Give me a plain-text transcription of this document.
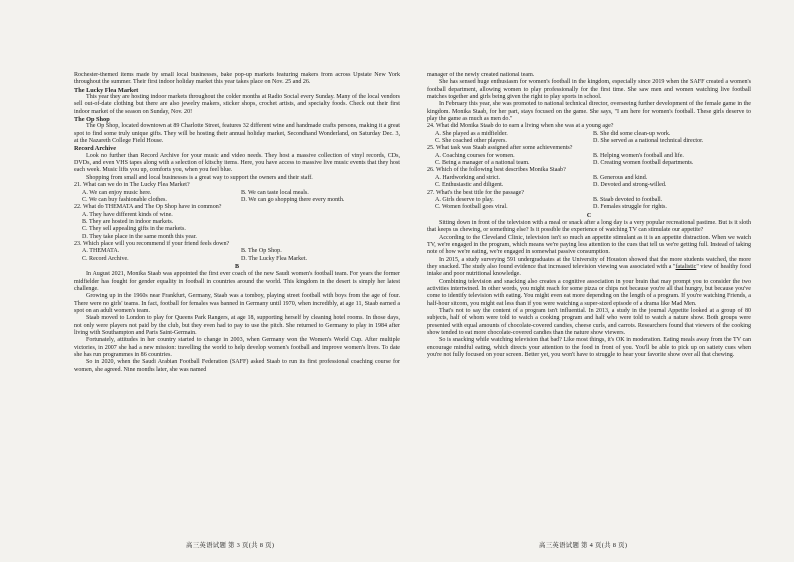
Rochester-themed items made by small local businesses, bake pop-up markets featuring makers from across Upstate New York throughout the summer. Their first indoor holiday market this year takes place on Nov. 25 and 26.

The Lucky Flea Market

This year they are hosting indoor markets throughout the colder months at Radio Social every Sunday. Many of the local vendors sell out-of-date clothing but there are also jewelry makers, sticker shops, crochet artists, and specialty foods. Check out their first indoor market of the season on Sunday, Nov. 20!

The Op Shop

The Op Shop, located downtown at 89 Charlotte Street, features 32 different wine and handmade crafts persons, making it a great spot to find some truly unique gifts. They will be hosting their annual holiday market, Secondhand Wonderland, on Saturday Dec. 3, at the Nazareth College Field House.

Record Archive

Look no further than Record Archive for your music and video needs. They host a massive collection of vinyl records, CDs, DVDs, and even VHS tapes along with a selection of kitschy items. Here, you have access to massive live music events that they host each week. Music lifts you up, comforts you, when you feel blue.

Shopping from small and local businesses is a great way to support the owners and their staff.

21. What can we do in The Lucky Flea Market?

A. We can enjoy music here.	B. We can taste local meals.
C. We can buy fashionable clothes.	D. We can go shopping there every month.

22. What do THEMATA and The Op Shop have in common?

A. They have different kinds of wine.
B. They are hosted in indoor markets.
C. They sell appealing gifts in the markets.
D. They take place in the same month this year.

23. Which place will you recommend if your friend feels down?

A. THEMATA.	B. The Op Shop.
C. Record Archive.	D. The Lucky Flea Market.
B

In August 2021, Monika Staab was appointed the first ever coach of the new Saudi women's football team. For years the former midfielder has fought for gender equality in football in countries around the world. This kingdom in the desert is simply her latest challenge.

Growing up in the 1960s near Frankfurt, Germany, Staab was a tomboy, playing street football with boys from the age of four. There were no girls' teams. In fact, football for females was banned in Germany until 1970, when incredibly, at age 11, Staab earned a spot on an adult women's team.

Staab moved to London to play for Queens Park Rangers, at age 18, supporting herself by cleaning hotel rooms. In those days, not only were players not paid by the club, but they even had to pay to use the pitch. She returned to Germany to play in 1984 after living with Southampton and Paris Saint-Germain.

Fortunately, attitudes in her country started to change in 2003, when Germany won the Women's World Cup. After multiple victories, in 2007 she had a new mission: travelling the world to help develop women's football and improve women's lives. To date she has run programmes in 86 countries.

So in 2020, when the Saudi Arabian Football Federation (SAFF) asked Staab to run its first professional coaching course for women, she agreed. Nine months later, she was named

manager of the newly created national team.

She has sensed huge enthusiasm for women's football in the kingdom, especially since 2019 when the SAFF created a women's football department, allowing women to play professionally for the first time. She saw men and women watching live football matches together and girls being given the right to play sports in school.

In February this year, she was promoted to national technical director, overseeing further development of the female game in the kingdom. Monika Staab, for her part, stays focused on the game. She says, "I am here for women's football. These girls deserve to play the game as much as men do."

24. What did Monika Staab do to earn a living when she was at a young age?

A. She played as a midfielder.	B. She did some clean-up work.
C. She coached other players.	D. She served as a national technical director.

25. What task was Staab assigned after some achievements?

A. Coaching courses for women.	B. Helping women's football and life.
C. Being a manager of a national team.	D. Creating women football departments.

26. Which of the following best describes Monika Staab?

A. Hardworking and strict.	B. Generous and kind.
C. Enthusiastic and diligent.	D. Devoted and strong-willed.

27. What's the best title for the passage?

A. Girls deserve to play.	B. Staab devoted to football.
C. Women football goes viral.	D. Females struggle for rights.
C

Sitting down in front of the television with a meal or snack after a long day is a very popular recreational pastime. But is it sloth that keeps us chewing, or something else? Is it possible the experience of watching TV can stimulate our appetite?

According to the Cleveland Clinic, television isn't so much an appetite stimulant as it is an appetite distraction. When we watch TV, we're engaged in the program, which means we're paying less attention to the cues that tell us we're getting full. Instead of taking note of how we're eating, we're engaged in somewhat passive consumption.

In 2015, a study surveying 591 undergraduates at the University of Houston showed that the more students watched, the more they snacked. The study also found evidence that increased television viewing was associated with a "fatalistic" view of healthy food intake and poor nutritional knowledge.

Combining television and snacking also creates a cognitive association in your brain that may prompt you to consider the two activities intertwined. In other words, you might reach for some pizza or chips not because you're all that hungry, but because you've come to identify television with eating. You might even eat more depending on the length of a program. If you're watching Friends, a half-hour sitcom, you might eat less than if you were watching a super-sized episode of a drama like Mad Men.

That's not to say the content of a program isn't influential. In 2013, a study in the journal Appetite looked at a group of 80 subjects, half of whom were told to watch a cooking program and half who were told to watch a nature show. Both groups were presented with equal amounts of chocolate-covered candies, cheese curls, and carrots. Researchers found that viewers of the cooking show tended to eat more chocolate-covered candies than the nature show viewers.

So is snacking while watching television that bad? Like most things, it's OK in moderation. Eating meals away from the TV can encourage mindful eating, which directs your attention to the food in front of you. You'll be able to pick up on satiety cues when you're not fully focused on your screen. Better yet, you won't have to struggle to hear your favorite show over all that chewing.

高三英语试题 第 3 页(共 8 页)	高三英语试题 第 4 页(共 8 页)
